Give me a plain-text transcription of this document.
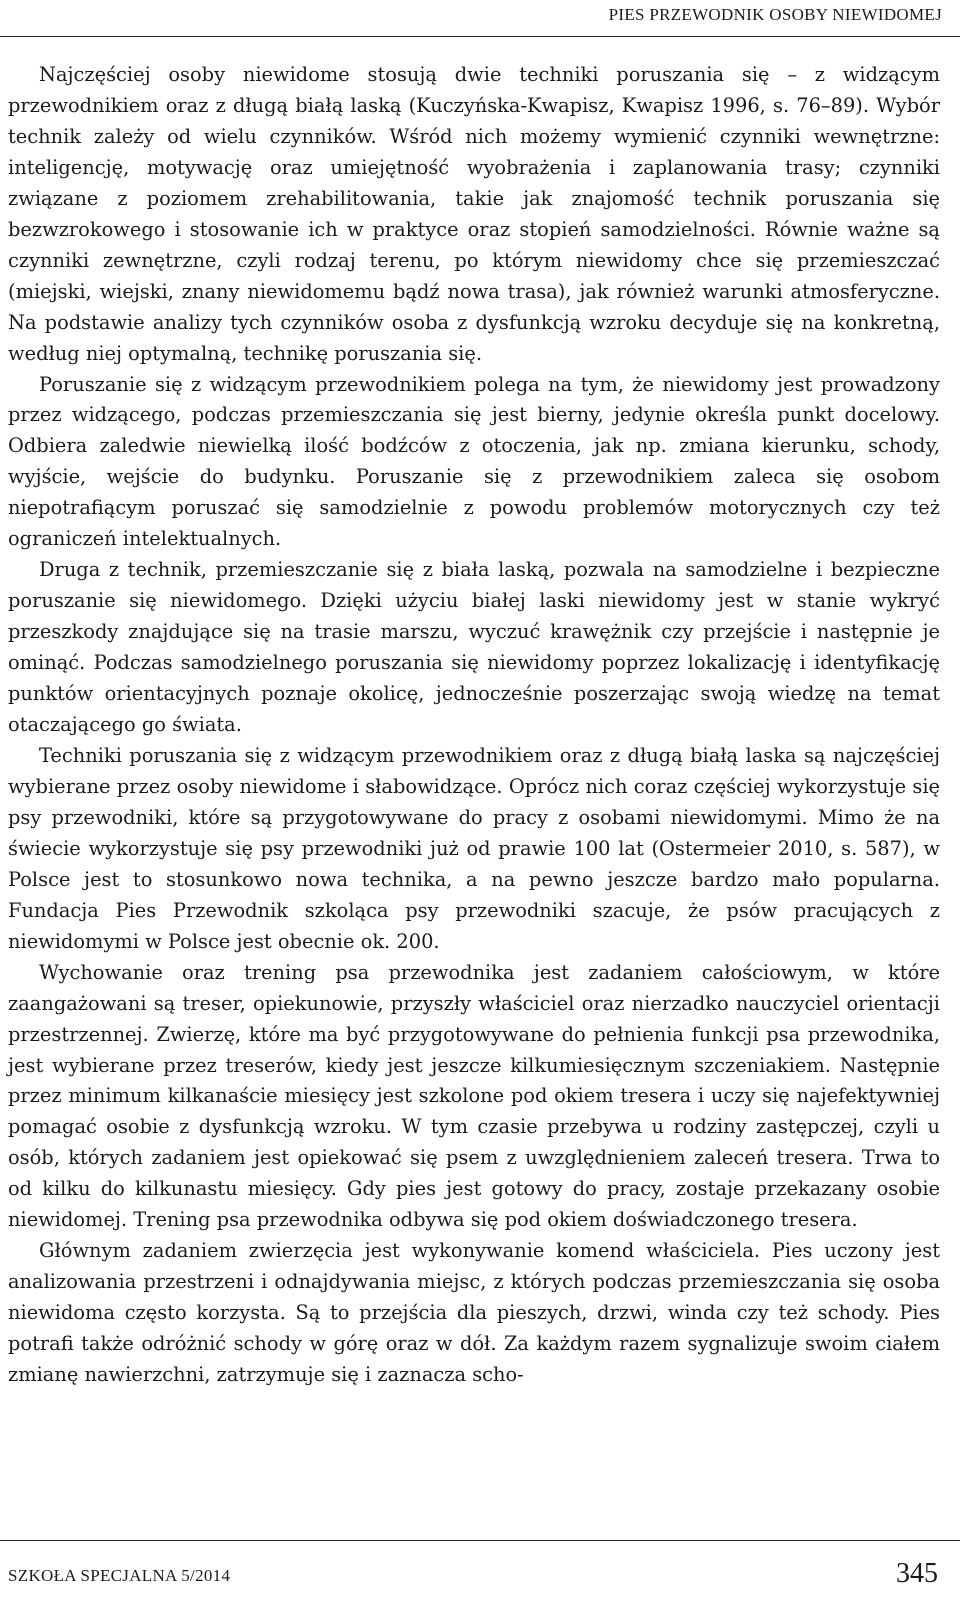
PIES PRZEWODNIK OSOBY NIEWIDOMEJ

Najczęściej osoby niewidome stosują dwie techniki poruszania się – z widzącym przewodnikiem oraz z długą białą laską (Kuczyńska-Kwapisz, Kwapisz 1996, s. 76–89). Wybór technik zależy od wielu czynników. Wśród nich możemy wymienić czynniki wewnętrzne: inteligencję, motywację oraz umiejętność wyobrażenia i zaplanowania trasy; czynniki związane z poziomem zrehabilitowania, takie jak znajomość technik poruszania się bezwzrokowego i stosowanie ich w praktyce oraz stopień samodzielności. Równie ważne są czynniki zewnętrzne, czyli rodzaj terenu, po którym niewidomy chce się przemieszczać (miejski, wiejski, znany niewidomemu bądź nowa trasa), jak również warunki atmosferyczne. Na podstawie analizy tych czynników osoba z dysfunkcją wzroku decyduje się na konkretną, według niej optymalną, technikę poruszania się.

Poruszanie się z widzącym przewodnikiem polega na tym, że niewidomy jest prowadzony przez widzącego, podczas przemieszczania się jest bierny, jedynie określa punkt docelowy. Odbiera zaledwie niewielką ilość bodźców z otoczenia, jak np. zmiana kierunku, schody, wyjście, wejście do budynku. Poruszanie się z przewodnikiem zaleca się osobom niepotrafiącym poruszać się samodzielnie z powodu problemów motorycznych czy też ograniczeń intelektualnych.

Druga z technik, przemieszczanie się z biała laską, pozwala na samodzielne i bezpieczne poruszanie się niewidomego. Dzięki użyciu białej laski niewidomy jest w stanie wykryć przeszkody znajdujące się na trasie marszu, wyczuć krawężnik czy przejście i następnie je ominąć. Podczas samodzielnego poruszania się niewidomy poprzez lokalizację i identyfikację punktów orientacyjnych poznaje okolicę, jednocześnie poszerzając swoją wiedzę na temat otaczającego go świata.

Techniki poruszania się z widzącym przewodnikiem oraz z długą białą laska są najczęściej wybierane przez osoby niewidome i słabowidzące. Oprócz nich coraz częściej wykorzystuje się psy przewodniki, które są przygotowywane do pracy z osobami niewidomymi. Mimo że na świecie wykorzystuje się psy przewodniki już od prawie 100 lat (Ostermeier 2010, s. 587), w Polsce jest to stosunkowo nowa technika, a na pewno jeszcze bardzo mało popularna. Fundacja Pies Przewodnik szkoląca psy przewodniki szacuje, że psów pracujących z niewidomymi w Polsce jest obecnie ok. 200.

Wychowanie oraz trening psa przewodnika jest zadaniem całościowym, w które zaangażowani są treser, opiekunowie, przyszły właściciel oraz nierzadko nauczyciel orientacji przestrzennej. Zwierzę, które ma być przygotowywane do pełnienia funkcji psa przewodnika, jest wybierane przez treserów, kiedy jest jeszcze kilkumiesięcznym szczeniakiem. Następnie przez minimum kilkanaście miesięcy jest szkolone pod okiem tresera i uczy się najefektywniej pomagać osobie z dysfunkcją wzroku. W tym czasie przebywa u rodziny zastępczej, czyli u osób, których zadaniem jest opiekować się psem z uwzględnieniem zaleceń tresera. Trwa to od kilku do kilkunastu miesięcy. Gdy pies jest gotowy do pracy, zostaje przekazany osobie niewidomej. Trening psa przewodnika odbywa się pod okiem doświadczonego tresera.

Głównym zadaniem zwierzęcia jest wykonywanie komend właściciela. Pies uczony jest analizowania przestrzeni i odnajdywania miejsc, z których podczas przemieszczania się osoba niewidoma często korzysta. Są to przejścia dla pieszych, drzwi, winda czy też schody. Pies potrafi także odróżnić schody w górę oraz w dół. Za każdym razem sygnalizuje swoim ciałem zmianę nawierzchni, zatrzymuje się i zaznacza scho-

SZKOŁA SPECJALNA 5/2014	345
